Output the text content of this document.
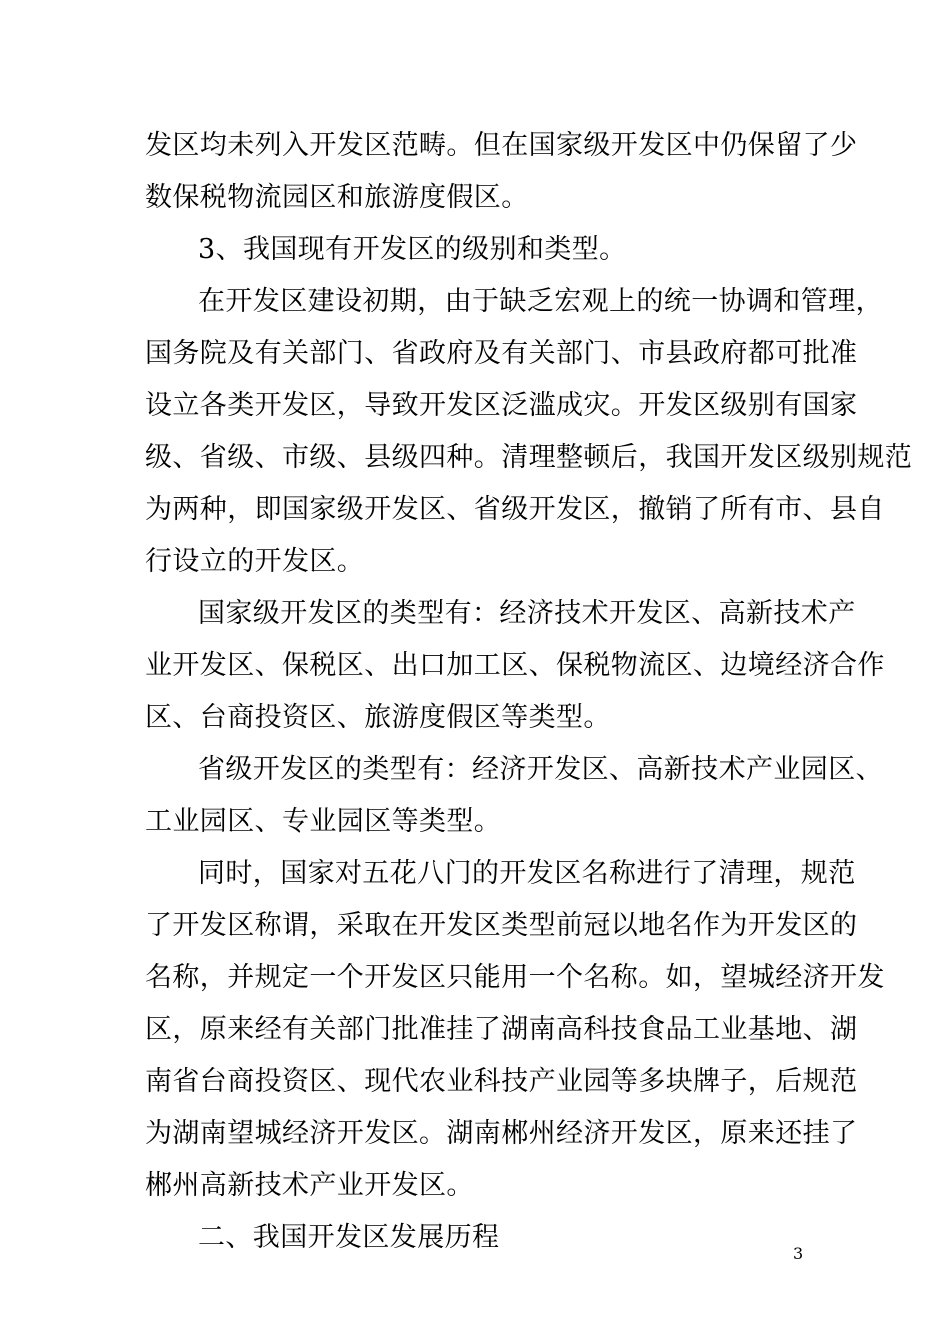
发区均未列入开发区范畴。但在国家级开发区中仍保留了少
数保税物流园区和旅游度假区。
3、我国现有开发区的级别和类型。
在开发区建设初期，由于缺乏宏观上的统一协调和管理，
国务院及有关部门、省政府及有关部门、市县政府都可批准
设立各类开发区，导致开发区泛滥成灾。开发区级别有国家
级、省级、市级、县级四种。清理整顿后，我国开发区级别规范
为两种，即国家级开发区、省级开发区，撤销了所有市、县自
行设立的开发区。
国家级开发区的类型有：经济技术开发区、高新技术产
业开发区、保税区、出口加工区、保税物流区、边境经济合作
区、台商投资区、旅游度假区等类型。
省级开发区的类型有：经济开发区、高新技术产业园区、
工业园区、专业园区等类型。
同时，国家对五花八门的开发区名称进行了清理，规范
了开发区称谓，采取在开发区类型前冠以地名作为开发区的
名称，并规定一个开发区只能用一个名称。如，望城经济开发
区，原来经有关部门批准挂了湖南高科技食品工业基地、湖
南省台商投资区、现代农业科技产业园等多块牌子，后规范
为湖南望城经济开发区。湖南郴州经济开发区，原来还挂了
郴州高新技术产业开发区。
二、我国开发区发展历程
3
